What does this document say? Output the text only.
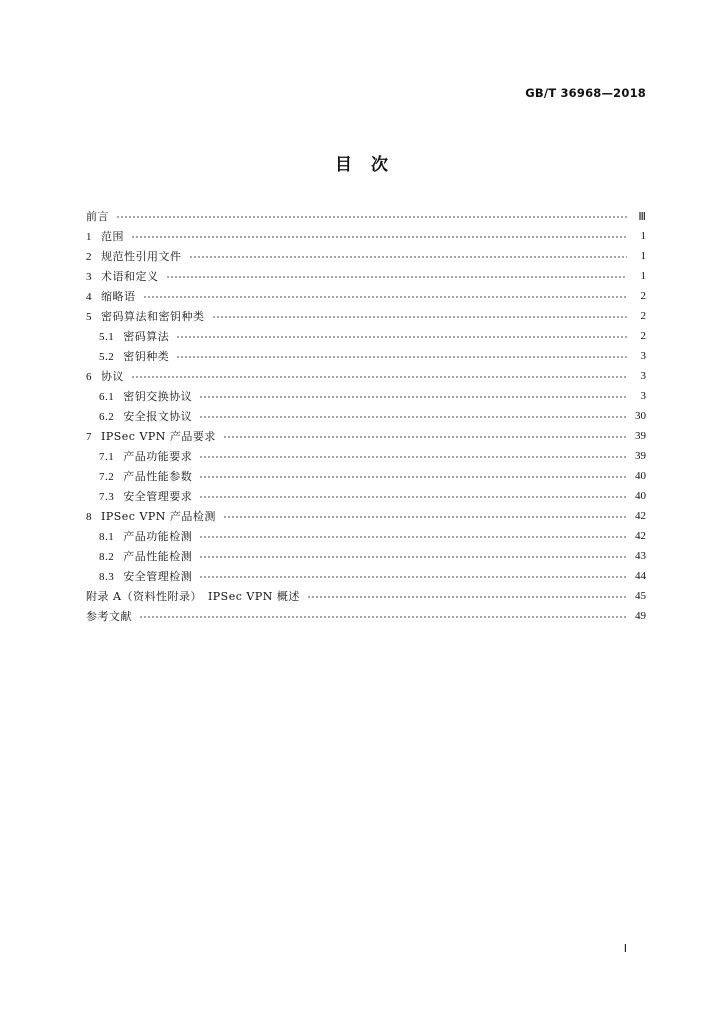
GB/T 36968—2018
目　次
前言	Ⅲ
1 范围	1
2 规范性引用文件	1
3 术语和定义	1
4 缩略语	2
5 密码算法和密钥种类	2
5.1 密码算法	2
5.2 密钥种类	3
6 协议	3
6.1 密钥交换协议	3
6.2 安全报文协议	30
7 IPSec VPN 产品要求	39
7.1 产品功能要求	39
7.2 产品性能参数	40
7.3 安全管理要求	40
8 IPSec VPN 产品检测	42
8.1 产品功能检测	42
8.2 产品性能检测	43
8.3 安全管理检测	44
附录 A（资料性附录）　IPSec VPN 概述	45
参考文献	49
Ⅰ
